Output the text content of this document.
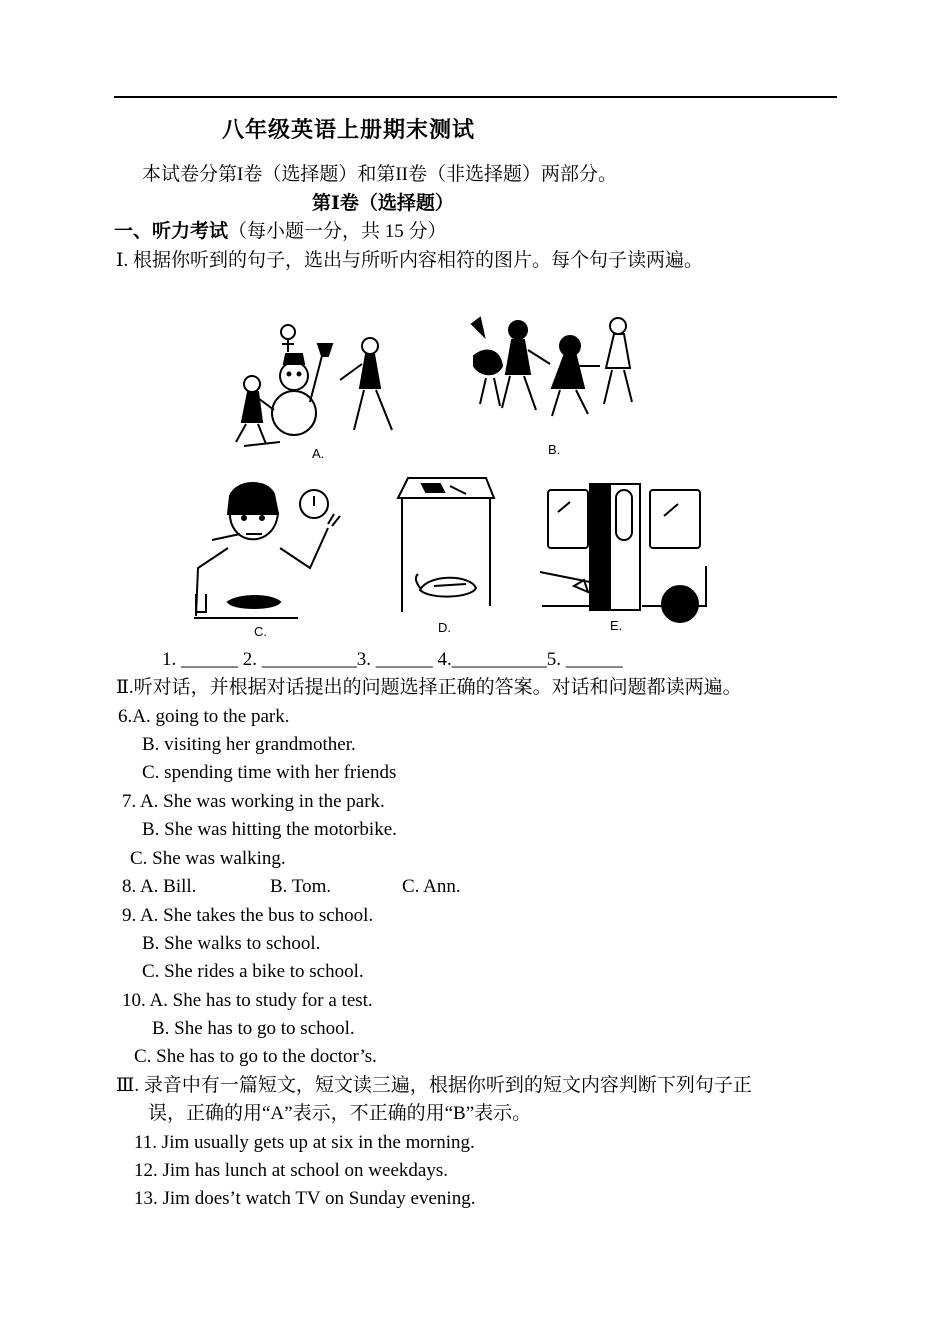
八年级英语上册期末测试
本试卷分第I卷（选择题）和第II卷（非选择题）两部分。
第Ⅰ卷（选择题）
一、听力考试（每小题一分，共 15 分）
Ⅰ. 根据你听到的句子，选出与所听内容相符的图片。每个句子读两遍。
A.	B.
C.	D.	E.
1. ______ 2. __________3. ______ 4.__________5. ______
Ⅱ.听对话，并根据对话提出的问题选择正确的答案。对话和问题都读两遍。
6.A. going to the park.
B. visiting her grandmother.
C. spending time with her friends
7. A. She was working in the park.
B. She was hitting the motorbike.
C. She was walking.
8. A. Bill.	B. Tom.	C. Ann.
9. A. She takes the bus to school.
B. She walks to school.
C. She rides a bike to school.
10. A. She has to study for a test.
B. She has to go to school.
C. She has to go to the doctor’s.
Ⅲ. 录音中有一篇短文，短文读三遍，根据你听到的短文内容判断下列句子正
误，正确的用“A”表示，不正确的用“B”表示。
11. Jim usually gets up at six in the morning.
12. Jim has lunch at school on weekdays.
13. Jim does’t watch TV on Sunday evening.
